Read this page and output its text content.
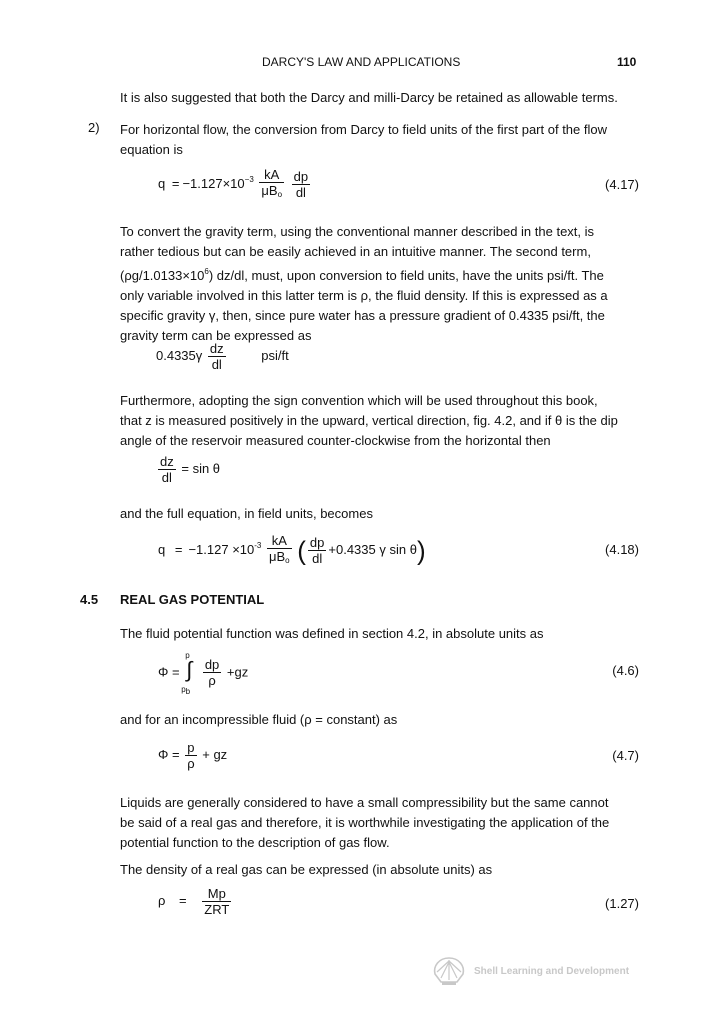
DARCY'S LAW AND APPLICATIONS	110
It is also suggested that both the Darcy and milli-Darcy be retained as allowable terms.
2) For horizontal flow, the conversion from Darcy to field units of the first part of the flow equation is
$q = -1.127\times 10^{-3} \frac{kA}{\mu B_o}$
$\frac{dp}{dl}$	(4.17)
To convert the gravity term, using the conventional manner described in the text, is
rather tedious but can be easily achieved in an intuitive manner. The second term,
$(\rho g/1.0133\times 10^6)$ dz/dl, must, upon conversion to field units, have the units psi/ft. The
only variable involved in this latter term is ρ, the fluid density. If this is expressed as a
specific gravity γ, then, since pure water has a pressure gradient of 0.4335 psi/ft, the
gravity term can be expressed as
$0.4335\gamma \frac{dz}{dl}$	psi/ft
Furthermore, adopting the sign convention which will be used throughout this book,
that z is measured positively in the upward, vertical direction, fig. 4.2, and if θ is the dip
angle of the reservoir measured counter-clockwise from the horizontal then
$\frac{dz}{dl} = \sin \theta$
and the full equation, in field units, becomes
$q = -1.127 \times 10^{-3} \frac{kA}{\mu B_o}$ ( $\frac{dp}{dl} +0.4335$ γ sin θ)	(4.18)
4.5 REAL GAS POTENTIAL
The fluid potential function was defined in section 4.2, in absolute units as
Φ =
p
∫
$p_b$

$\frac{dp}{\rho} +gz$	(4.6)
and for an incompressible fluid (ρ = constant) as
$\Phi = \frac{p}{\rho}$ + gz	(4.7)
Liquids are generally considered to have a small compressibility but the same cannot
be said of a real gas and therefore, it is worthwhile investigating the application of the
potential function to the description of gas flow.
The density of a real gas can be expressed (in absolute units) as
$\rho = \frac{Mp}{\text{ZRT}}$	(1.27)
Shell Learning and Development
